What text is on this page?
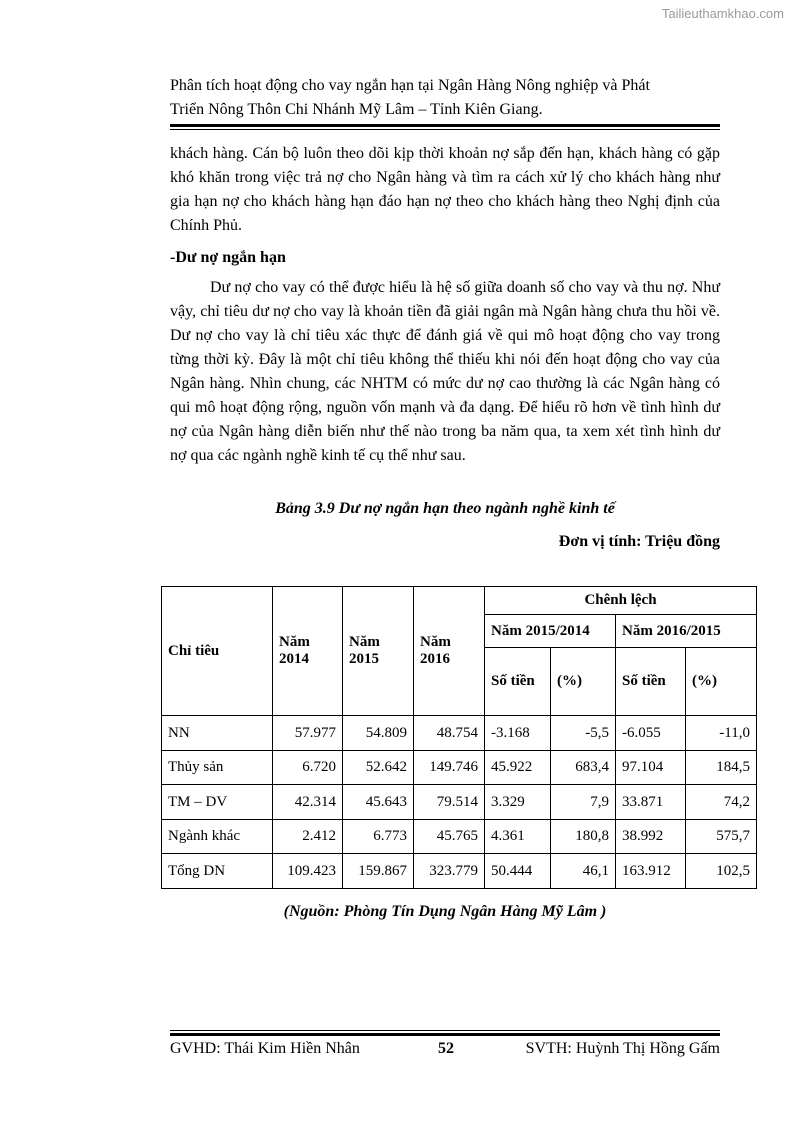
Tailieuthamkhao.com

Phân tích hoạt động cho vay ngắn hạn tại Ngân Hàng Nông nghiệp và Phát

Triển Nông Thôn Chi Nhánh Mỹ Lâm – Tỉnh Kiên Giang.

khách hàng. Cán bộ luôn theo dõi kịp thời khoản nợ sắp đến hạn, khách hàng có gặp khó khăn trong việc trả nợ cho Ngân hàng và tìm ra cách xử lý cho khách hàng như gia hạn nợ cho khách hàng hạn đáo hạn nợ theo cho khách hàng theo Nghị định của Chính Phủ.

-Dư nợ ngắn hạn

Dư nợ cho vay có thể được hiểu là hệ số giữa doanh số cho vay và thu nợ. Như vậy, chỉ tiêu dư nợ cho vay là khoản tiền đã giải ngân mà Ngân hàng chưa thu hồi về. Dư nợ cho vay là chỉ tiêu xác thực để đánh giá về qui mô hoạt động cho vay trong từng thời kỳ. Đây là một chỉ tiêu không thể thiếu khi nói đến hoạt động cho vay của Ngân hàng. Nhìn chung, các NHTM có mức dư nợ cao thường là các Ngân hàng có qui mô hoạt động rộng, nguồn vốn mạnh và đa dạng. Để hiểu rõ hơn về tình hình dư nợ của Ngân hàng diễn biến như thế nào trong ba năm qua, ta xem xét tình hình dư nợ qua các ngành nghề kinh tế cụ thể như sau.

Bảng 3.9 Dư nợ ngắn hạn theo ngành nghề kinh tế
Đơn vị tính: Triệu đồng
Chỉ tiêu	Năm 2014	Năm 2015	Năm 2016	Chênh lệch			
				Năm 2015/2014		Năm 2016/2015	
				Số tiền	(%)	Số tiền	(%)
NN	57.977	54.809	48.754	-3.168	-5,5	-6.055	-11,0
Thủy sản	6.720	52.642	149.746	45.922	683,4	97.104	184,5
TM – DV	42.314	45.643	79.514	3.329	7,9	33.871	74,2
Ngành khác	2.412	6.773	45.765	4.361	180,8	38.992	575,7
Tổng DN	109.423	159.867	323.779	50.444	46,1	163.912	102,5
(Nguồn: Phòng Tín Dụng Ngân Hàng Mỹ Lâm )
GVHD: Thái Kim Hiền Nhân	52	SVTH: Huỳnh Thị Hồng Gấm
